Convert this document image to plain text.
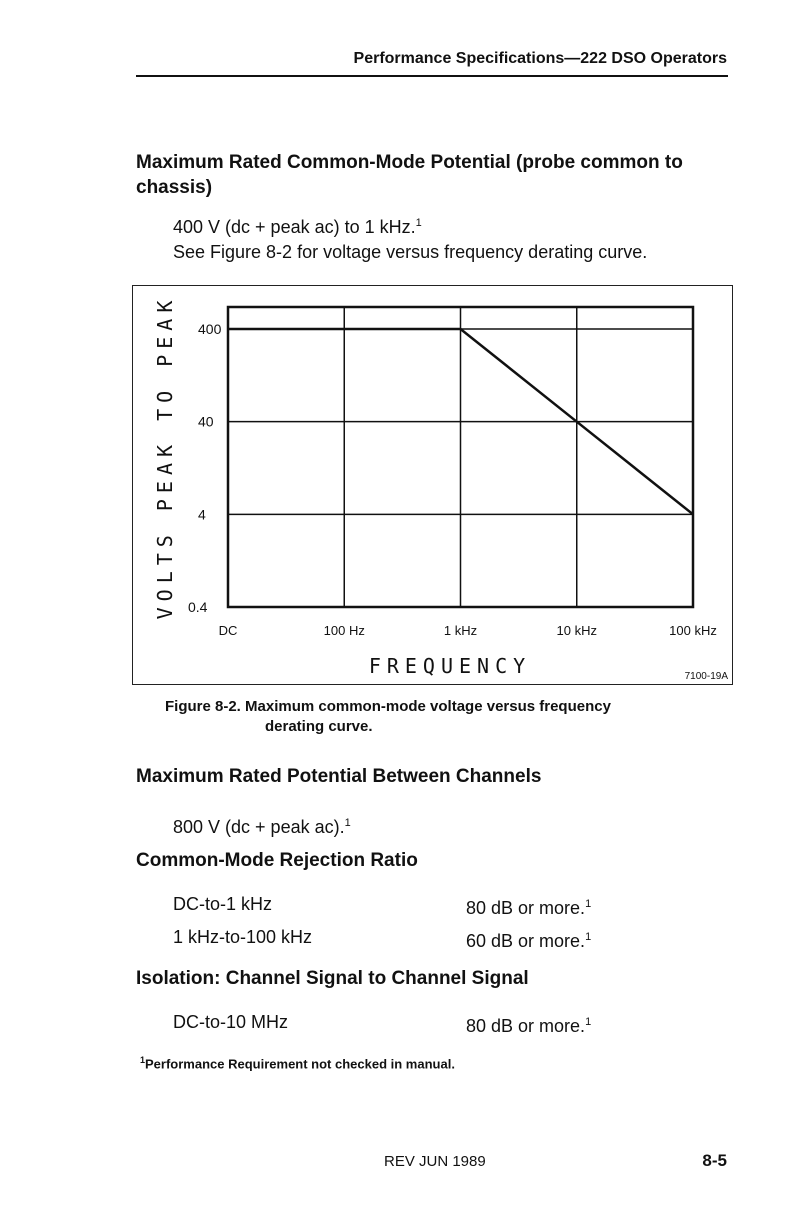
Performance Specifications—222 DSO Operators
Maximum Rated Common-Mode Potential (probe common to chassis)
400 V (dc + peak ac) to 1 kHz.$^1$
See Figure 8-2 for voltage versus frequency derating curve.
400
40
4
0.4
DC	100 Hz	1 kHz	10 kHz	100 kHz
FREQUENCY
VOLTS PEAK TO PEAK
7100-19A
Figure 8-2. Maximum common-mode voltage versus frequency
derating curve.
Maximum Rated Potential Between Channels
800 V (dc + peak ac).$^1$
Common-Mode Rejection Ratio
DC-to-1 kHz	80 dB or more.$^1$
1 kHz-to-100 kHz	60 dB or more.$^1$
Isolation: Channel Signal to Channel Signal
DC-to-10 MHz	80 dB or more.$^1$
$^1$Performance Requirement not checked in manual.
REV JUN 1989	8-5
